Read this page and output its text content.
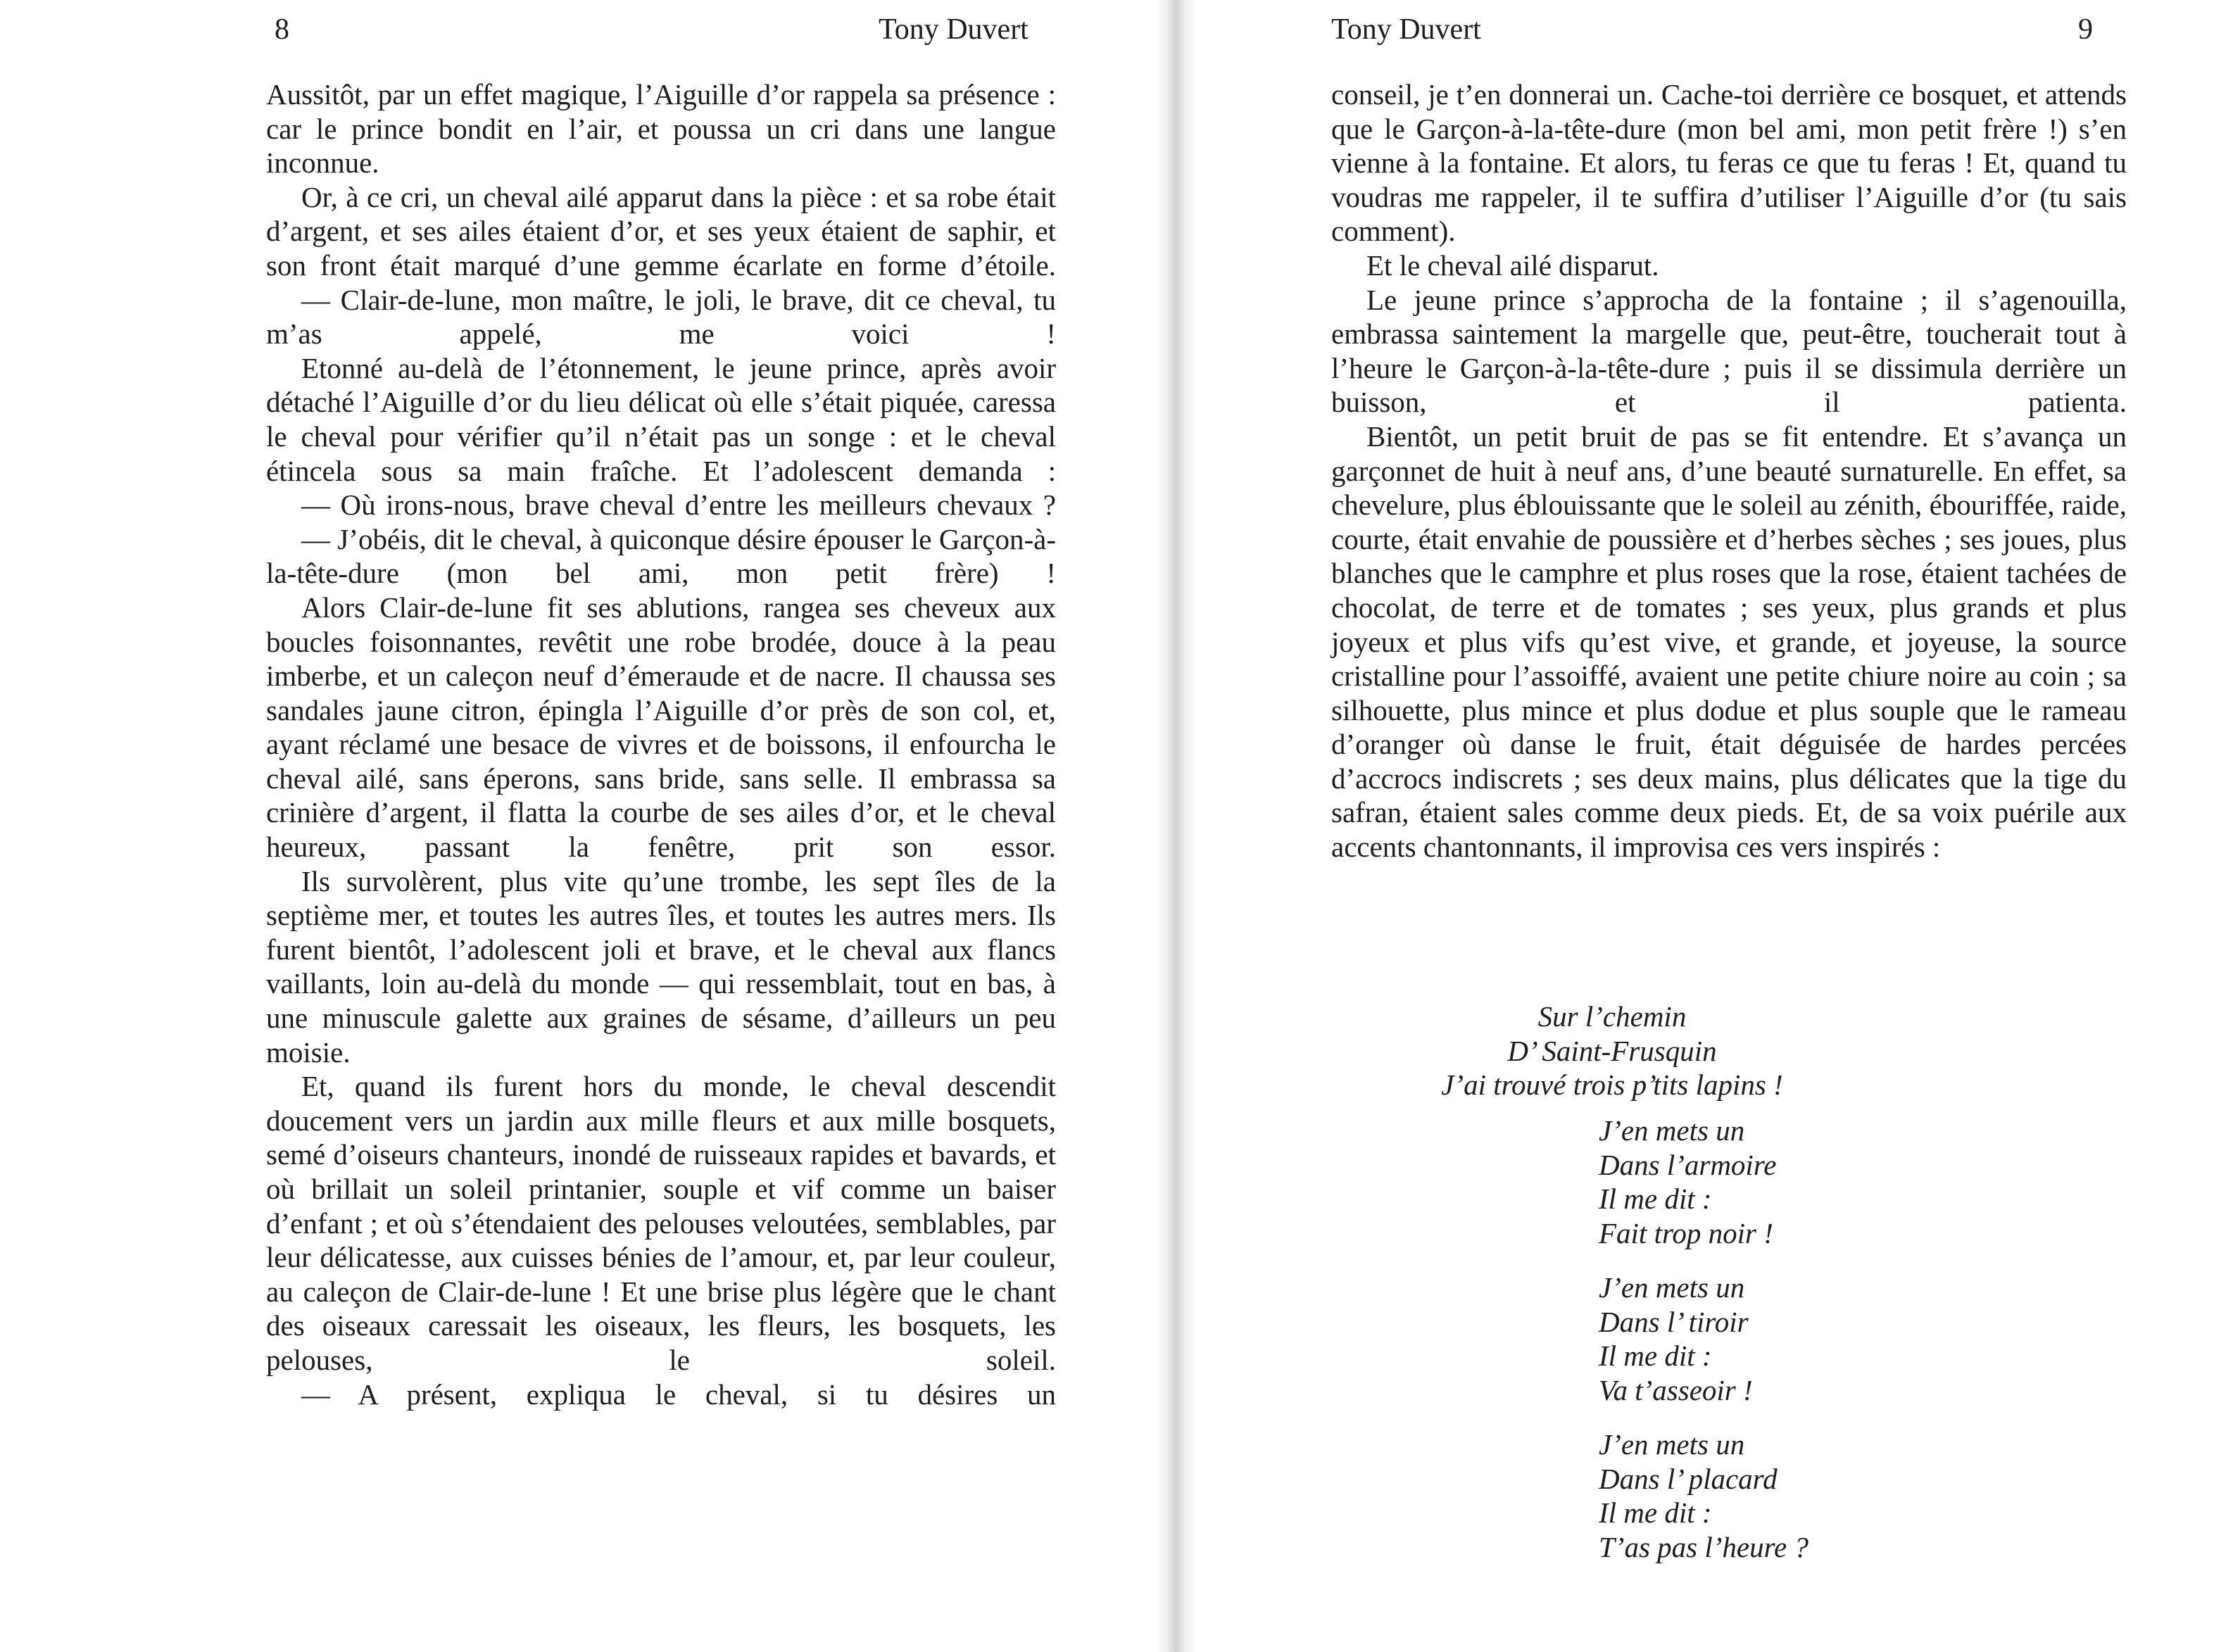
8	Tony Duvert

Aussitôt, par un effet magique, l’Aiguille d’or rappela sa présence : car le prince bondit en l’air, et poussa un cri dans une langue inconnue.

Or, à ce cri, un cheval ailé apparut dans la pièce : et sa robe était d’argent, et ses ailes étaient d’or, et ses yeux étaient de saphir, et son front était marqué d’une gemme écarlate en forme d’étoile.

— Clair-de-lune, mon maître, le joli, le brave, dit ce cheval, tu m’as appelé, me voici !

Etonné au-delà de l’étonnement, le jeune prince, après avoir détaché l’Aiguille d’or du lieu délicat où elle s’était piquée, caressa le cheval pour vérifier qu’il n’était pas un songe : et le cheval étincela sous sa main fraîche. Et l’adolescent demanda :

— Où irons-nous, brave cheval d’entre les meilleurs chevaux ?

— J’obéis, dit le cheval, à quiconque désire épouser le Garçon-à-la-tête-dure (mon bel ami, mon petit frère) !

Alors Clair-de-lune fit ses ablutions, rangea ses cheveux aux boucles foisonnantes, revêtit une robe brodée, douce à la peau imberbe, et un caleçon neuf d’émeraude et de nacre. Il chaussa ses sandales jaune citron, épingla l’Aiguille d’or près de son col, et, ayant réclamé une besace de vivres et de boissons, il enfourcha le cheval ailé, sans éperons, sans bride, sans selle. Il embrassa sa crinière d’argent, il flatta la courbe de ses ailes d’or, et le cheval heureux, passant la fenêtre, prit son essor.

Ils survolèrent, plus vite qu’une trombe, les sept îles de la septième mer, et toutes les autres îles, et toutes les autres mers. Ils furent bientôt, l’adolescent joli et brave, et le cheval aux flancs vaillants, loin au-delà du monde — qui ressemblait, tout en bas, à une minuscule galette aux graines de sésame, d’ailleurs un peu moisie.

Et, quand ils furent hors du monde, le cheval descendit doucement vers un jardin aux mille fleurs et aux mille bosquets, semé d’oiseurs chanteurs, inondé de ruisseaux rapides et bavards, et où brillait un soleil printanier, souple et vif comme un baiser d’enfant ; et où s’étendaient des pelouses veloutées, semblables, par leur délicatesse, aux cuisses bénies de l’amour, et, par leur couleur, au caleçon de Clair-de-lune ! Et une brise plus légère que le chant des oiseaux caressait les oiseaux, les fleurs, les bosquets, les pelouses, le soleil.

— A présent, expliqua le cheval, si tu désires un

Tony Duvert	9

conseil, je t’en donnerai un. Cache-toi derrière ce bosquet, et attends que le Garçon-à-la-tête-dure (mon bel ami, mon petit frère !) s’en vienne à la fontaine. Et alors, tu feras ce que tu feras ! Et, quand tu voudras me rappeler, il te suffira d’utiliser l’Aiguille d’or (tu sais comment).

Et le cheval ailé disparut.

Le jeune prince s’approcha de la fontaine ; il s’agenouilla, embrassa saintement la margelle que, peut-être, toucherait tout à l’heure le Garçon-à-la-tête-dure ; puis il se dissimula derrière un buisson, et il patienta.

Bientôt, un petit bruit de pas se fit entendre. Et s’avança un garçonnet de huit à neuf ans, d’une beauté surnaturelle. En effet, sa chevelure, plus éblouissante que le soleil au zénith, ébouriffée, raide, courte, était envahie de poussière et d’herbes sèches ; ses joues, plus blanches que le camphre et plus roses que la rose, étaient tachées de chocolat, de terre et de tomates ; ses yeux, plus grands et plus joyeux et plus vifs qu’est vive, et grande, et joyeuse, la source cristalline pour l’assoiffé, avaient une petite chiure noire au coin ; sa silhouette, plus mince et plus dodue et plus souple que le rameau d’oranger où danse le fruit, était déguisée de hardes percées d’accrocs indiscrets ; ses deux mains, plus délicates que la tige du safran, étaient sales comme deux pieds. Et, de sa voix puérile aux accents chantonnants, il improvisa ces vers inspirés :

Sur l’chemin
D’ Saint-Frusquin
J’ai trouvé trois p’tits lapins !
J’en mets un
Dans l’armoire
Il me dit :
Fait trop noir !
J’en mets un
Dans l’ tiroir
Il me dit :
Va t’asseoir !
J’en mets un
Dans l’ placard
Il me dit :
T’as pas l’heure ?
